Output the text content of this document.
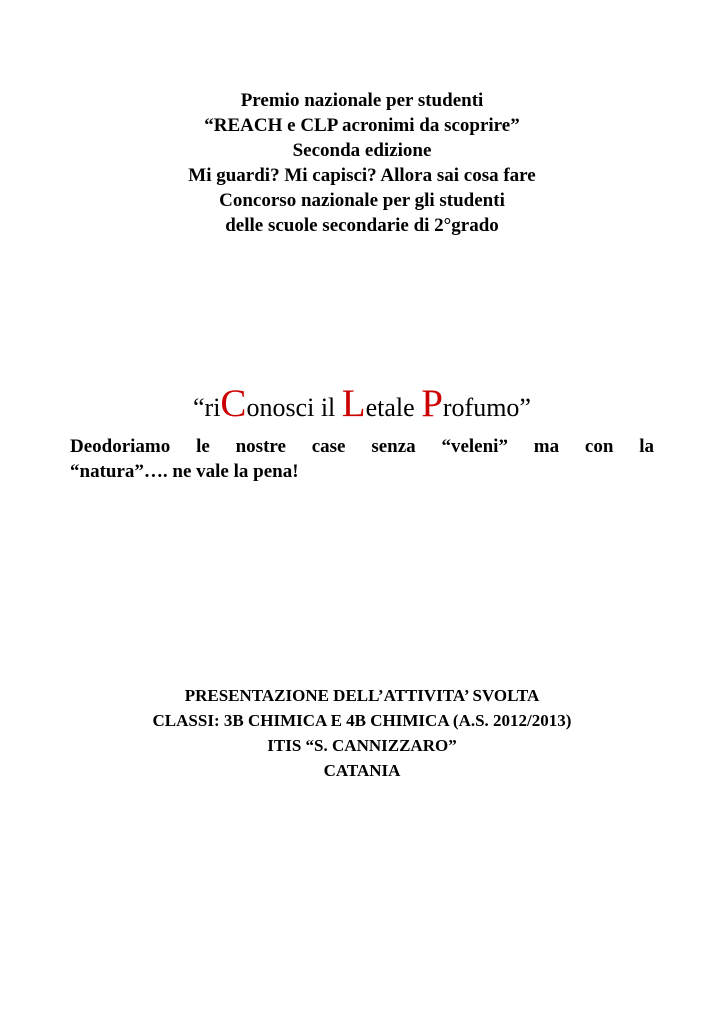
Premio nazionale per studenti
“REACH e CLP acronimi da scoprire”
Seconda edizione
Mi guardi? Mi capisci? Allora sai cosa fare
Concorso nazionale per gli studenti
delle scuole secondarie di 2°grado
“riConosci il Letale Profumo”
Deodoriamo le nostre case senza “veleni” ma con la
“natura”…. ne vale la pena!
PRESENTAZIONE DELL’ATTIVITA’ SVOLTA
CLASSI: 3B CHIMICA E 4B CHIMICA (A.S. 2012/2013)
ITIS “S. CANNIZZARO”
CATANIA
